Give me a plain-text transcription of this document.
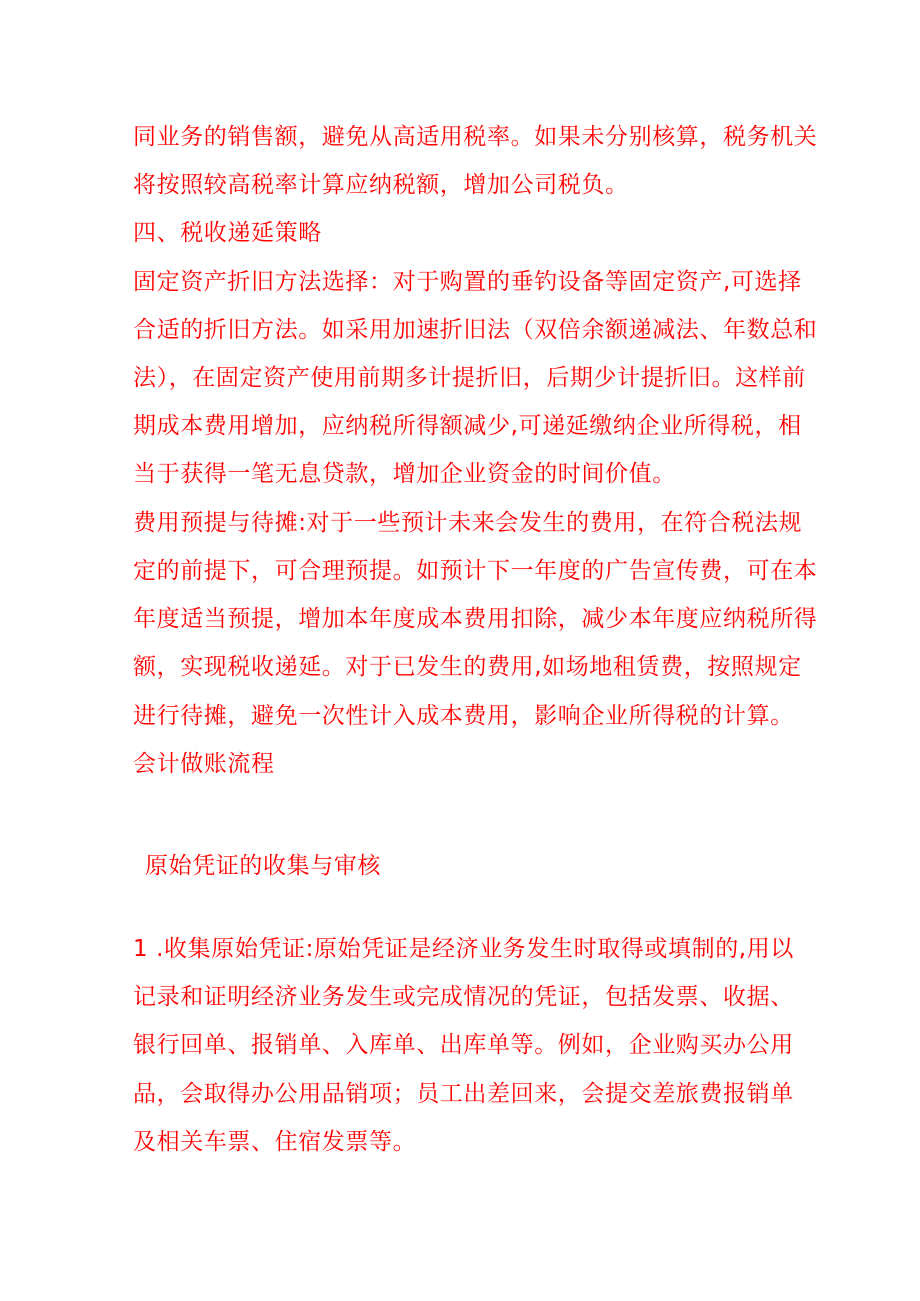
同业务的销售额，避免从高适用税率。如果未分别核算，税务机关
将按照较高税率计算应纳税额，增加公司税负。
四、税收递延策略
固定资产折旧方法选择：对于购置的垂钓设备等固定资产,可选择
合适的折旧方法。如采用加速折旧法（双倍余额递减法、年数总和
法），在固定资产使用前期多计提折旧，后期少计提折旧。这样前
期成本费用增加，应纳税所得额减少,可递延缴纳企业所得税，相
当于获得一笔无息贷款，增加企业资金的时间价值。
费用预提与待摊:对于一些预计未来会发生的费用，在符合税法规
定的前提下，可合理预提。如预计下一年度的广告宣传费，可在本
年度适当预提，增加本年度成本费用扣除，减少本年度应纳税所得
额，实现税收递延。对于已发生的费用,如场地租赁费，按照规定
进行待摊，避免一次性计入成本费用，影响企业所得税的计算。
会计做账流程
原始凭证的收集与审核
1 .收集原始凭证:原始凭证是经济业务发生时取得或填制的,用以
记录和证明经济业务发生或完成情况的凭证，包括发票、收据、
银行回单、报销单、入库单、出库单等。例如，企业购买办公用
品，会取得办公用品销项；员工出差回来，会提交差旅费报销单
及相关车票、住宿发票等。
